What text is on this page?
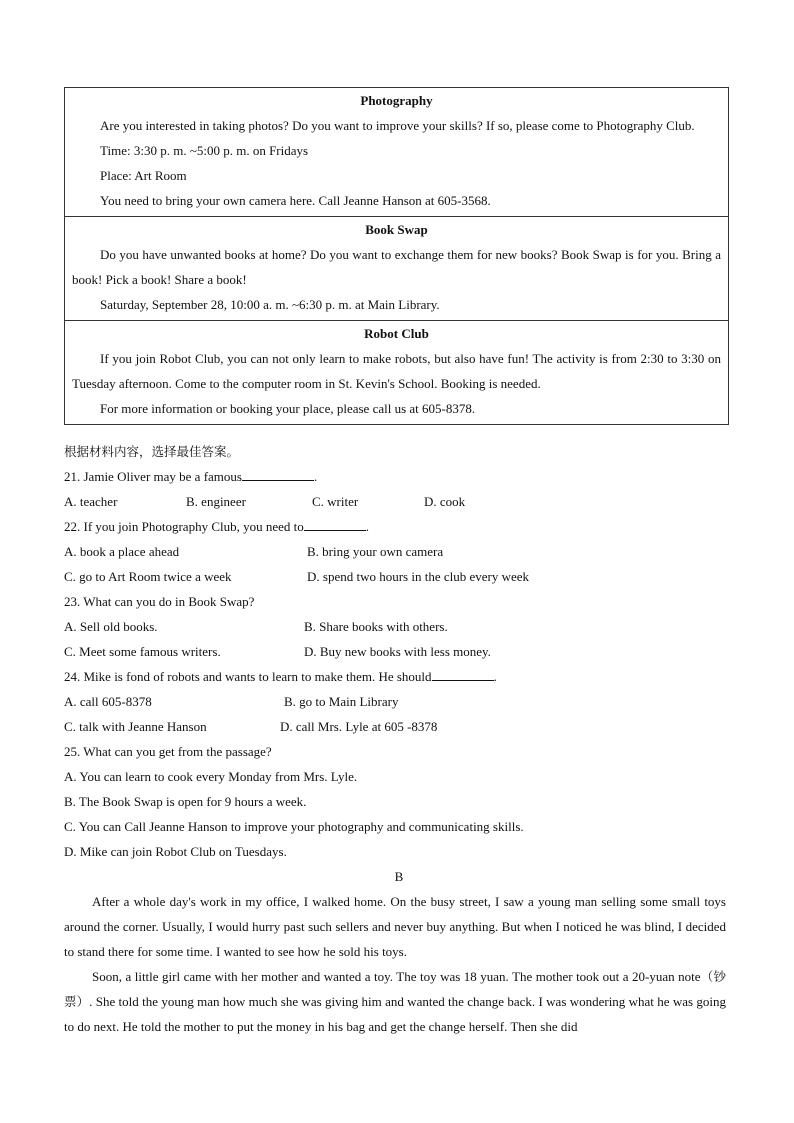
Photography
Are you interested in taking photos? Do you want to improve your skills? If so, please come to Photography Club.
Time: 3:30 p. m. ~5:00 p. m. on Fridays
Place: Art Room
You need to bring your own camera here. Call Jeanne Hanson at 605-3568.
Book Swap
Do you have unwanted books at home? Do you want to exchange them for new books? Book Swap is for you. Bring a book! Pick a book! Share a book!
Saturday, September 28, 10:00 a. m. ~6:30 p. m. at Main Library.
Robot Club
If you join Robot Club, you can not only learn to make robots, but also have fun! The activity is from 2:30 to 3:30 on Tuesday afternoon. Come to the computer room in St. Kevin's School. Booking is needed.
For more information or booking your place, please call us at 605-8378.
根据材料内容，选择最佳答案。
21. Jamie Oliver may be a famous	.
A. teacher	B. engineer	C. writer	D. cook
22. If you join Photography Club, you need to	.
A. book a place ahead	B. bring your own camera
C. go to Art Room twice a week	D. spend two hours in the club every week
23. What can you do in Book Swap?
A. Sell old books.	B. Share books with others.
C. Meet some famous writers.	D. Buy new books with less money.
24. Mike is fond of robots and wants to learn to make them. He should	.
A. call 605-8378	B. go to Main Library
C. talk with Jeanne Hanson	D. call Mrs. Lyle at 605 -8378
25. What can you get from the passage?
A. You can learn to cook every Monday from Mrs. Lyle.
B. The Book Swap is open for 9 hours a week.
C. You can Call Jeanne Hanson to improve your photography and communicating skills.
D. Mike can join Robot Club on Tuesdays.
B

After a whole day's work in my office, I walked home. On the busy street, I saw a young man selling some small toys around the corner. Usually, I would hurry past such sellers and never buy anything. But when I noticed he was blind, I decided to stand there for some time. I wanted to see how he sold his toys.

Soon, a little girl came with her mother and wanted a toy. The toy was 18 yuan. The mother took out a 20-yuan note（钞票）. She told the young man how much she was giving him and wanted the change back. I was wondering what he was going to do next. He told the mother to put the money in his bag and get the change herself. Then she did
